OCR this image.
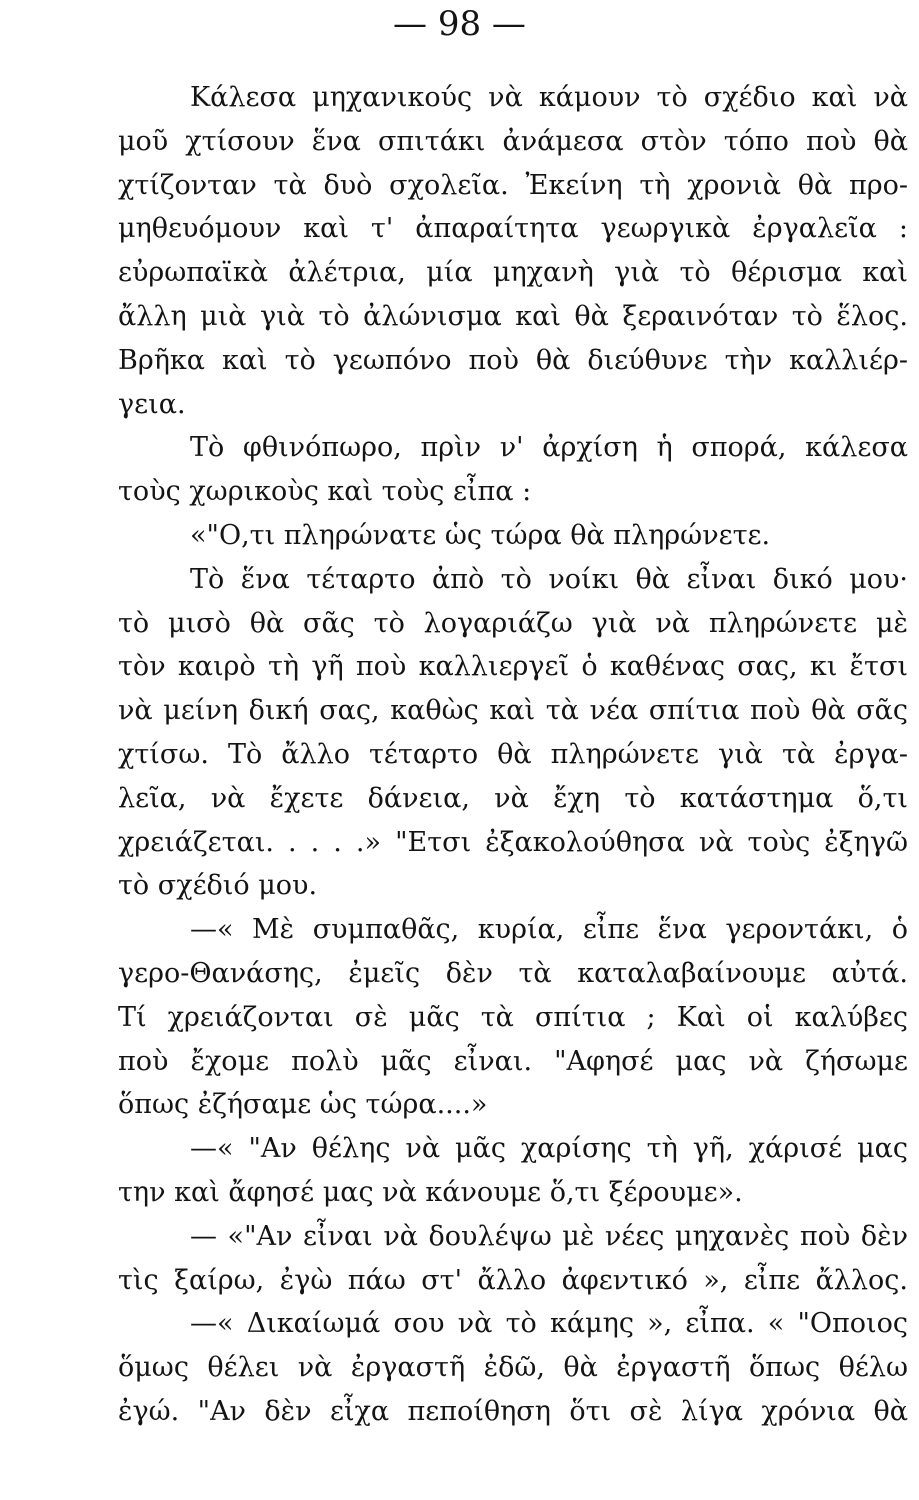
— 98 —
Κάλεσα μηχανικούς νὰ κάμουν τὸ σχέδιο καὶ νὰ
μοῦ χτίσουν ἕνα σπιτάκι ἀνάμεσα στὸν τόπο ποὺ θὰ
χτίζονταν τὰ δυὸ σχολεῖα. Ἐκείνη τὴ χρονιὰ θὰ προ-
μηθευόμουν καὶ τ' ἀπαραίτητα γεωργικὰ ἐργαλεῖα :
εὐρωπαϊκὰ ἀλέτρια, μία μηχανὴ γιὰ τὸ θέρισμα καὶ
ἄλλη μιὰ γιὰ τὸ ἀλώνισμα καὶ θὰ ξεραινόταν τὸ ἕλος.
Βρῆκα καὶ τὸ γεωπόνο ποὺ θὰ διεύθυνε τὴν καλλιέρ-
γεια.
Τὸ φθινόπωρο, πρὶν ν' ἀρχίση ἡ σπορά, κάλεσα
τοὺς χωρικοὺς καὶ τοὺς εἶπα :
«"Ο,τι πληρώνατε ὡς τώρα θὰ πληρώνετε.
Τὸ ἕνα τέταρτο ἀπὸ τὸ νοίκι θὰ εἶναι δικό μου·
τὸ μισὸ θὰ σᾶς τὸ λογαριάζω γιὰ νὰ πληρώνετε μὲ
τὸν καιρὸ τὴ γῆ ποὺ καλλιεργεῖ ὁ καθένας σας, κι ἔτσι
νὰ μείνη δική σας, καθὼς καὶ τὰ νέα σπίτια ποὺ θὰ σᾶς
χτίσω. Τὸ ἄλλο τέταρτο θὰ πληρώνετε γιὰ τὰ ἐργα-
λεῖα, νὰ ἔχετε δάνεια, νὰ ἔχη τὸ κατάστημα ὅ,τι
χρειάζεται. . . . .» "Ετσι ἐξακολούθησα νὰ τοὺς ἐξηγῶ
τὸ σχέδιό μου.
—« Μὲ συμπαθᾶς, κυρία, εἶπε ἕνα γεροντάκι, ὁ
γερο-Θανάσης, ἐμεῖς δὲν τὰ καταλαβαίνουμε αὐτά.
Τί χρειάζονται σὲ μᾶς τὰ σπίτια ; Καὶ οἱ καλύβες
ποὺ ἔχομε πολὺ μᾶς εἶναι. "Αφησέ μας νὰ ζήσωμε
ὅπως ἐζήσαμε ὡς τώρα....»
—« "Αν θέλης νὰ μᾶς χαρίσης τὴ γῆ, χάρισέ μας
την καὶ ἄφησέ μας νὰ κάνουμε ὅ,τι ξέρουμε».
— «"Αν εἶναι νὰ δουλέψω μὲ νέες μηχανὲς ποὺ δὲν
τὶς ξαίρω, ἐγὼ πάω στ' ἄλλο ἀφεντικό », εἶπε ἄλλος.
—« Δικαίωμά σου νὰ τὸ κάμης », εἶπα. « "Οποιος
ὅμως θέλει νὰ ἐργαστῆ ἐδῶ, θὰ ἐργαστῆ ὅπως θέλω
ἐγώ. "Αν δὲν εἶχα πεποίθηση ὅτι σὲ λίγα χρόνια θὰ
